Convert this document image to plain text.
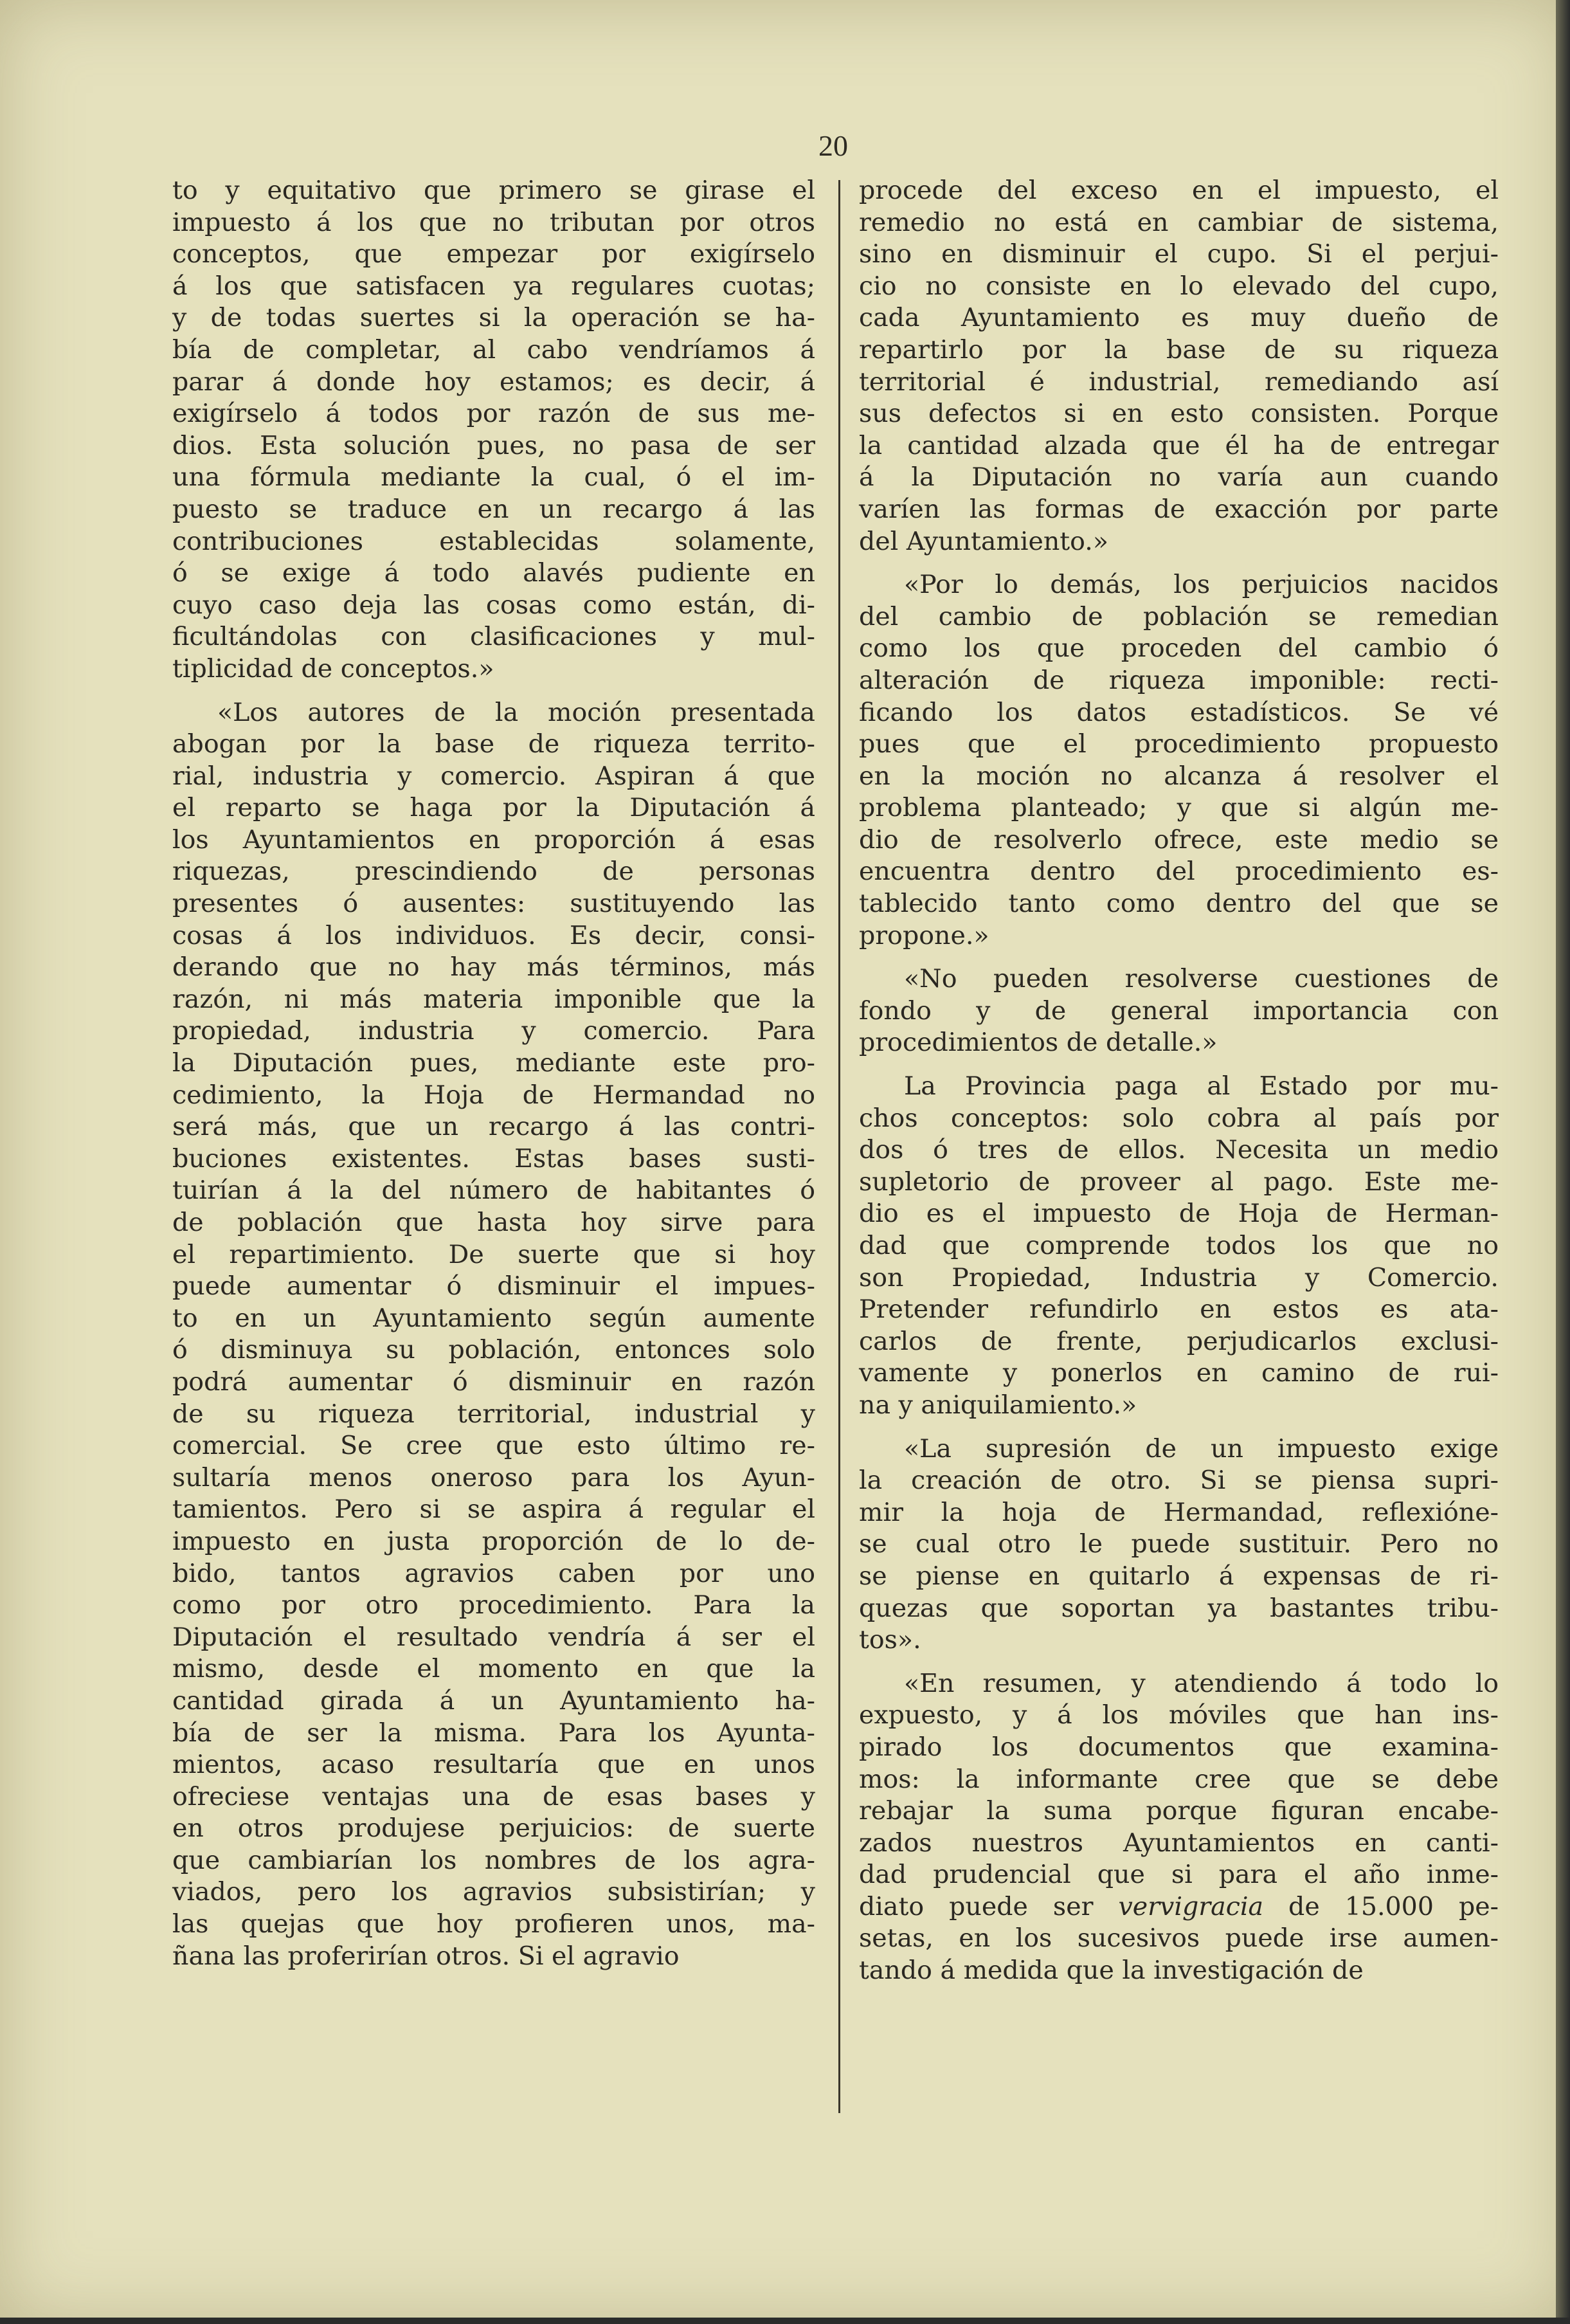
20
to y equitativo que primero se girase el
impuesto á los que no tributan por otros
conceptos, que empezar por exigírselo
á los que satisfacen ya regulares cuotas;
y de todas suertes si la operación se ha-
bía de completar, al cabo vendríamos á
parar á donde hoy estamos; es decir, á
exigírselo á todos por razón de sus me-
dios. Esta solución pues, no pasa de ser
una fórmula mediante la cual, ó el im-
puesto se traduce en un recargo á las
contribuciones establecidas solamente,
ó se exige á todo alavés pudiente en
cuyo caso deja las cosas como están, di-
ficultándolas con clasificaciones y mul-
tiplicidad de conceptos.»
«Los autores de la moción presentada
abogan por la base de riqueza territo-
rial, industria y comercio. Aspiran á que
el reparto se haga por la Diputación á
los Ayuntamientos en proporción á esas
riquezas, prescindiendo de personas
presentes ó ausentes: sustituyendo las
cosas á los individuos. Es decir, consi-
derando que no hay más términos, más
razón, ni más materia imponible que la
propiedad, industria y comercio. Para
la Diputación pues, mediante este pro-
cedimiento, la Hoja de Hermandad no
será más, que un recargo á las contri-
buciones existentes. Estas bases susti-
tuirían á la del número de habitantes ó
de población que hasta hoy sirve para
el repartimiento. De suerte que si hoy
puede aumentar ó disminuir el impues-
to en un Ayuntamiento según aumente
ó disminuya su población, entonces solo
podrá aumentar ó disminuir en razón
de su riqueza territorial, industrial y
comercial. Se cree que esto último re-
sultaría menos oneroso para los Ayun-
tamientos. Pero si se aspira á regular el
impuesto en justa proporción de lo de-
bido, tantos agravios caben por uno
como por otro procedimiento. Para la
Diputación el resultado vendría á ser el
mismo, desde el momento en que la
cantidad girada á un Ayuntamiento ha-
bía de ser la misma. Para los Ayunta-
mientos, acaso resultaría que en unos
ofreciese ventajas una de esas bases y
en otros produjese perjuicios: de suerte
que cambiarían los nombres de los agra-
viados, pero los agravios subsistirían; y
las quejas que hoy profieren unos, ma-
ñana las proferirían otros. Si el agravio
procede del exceso en el impuesto, el
remedio no está en cambiar de sistema,
sino en disminuir el cupo. Si el perjui-
cio no consiste en lo elevado del cupo,
cada Ayuntamiento es muy dueño de
repartirlo por la base de su riqueza
territorial é industrial, remediando así
sus defectos si en esto consisten. Porque
la cantidad alzada que él ha de entregar
á la Diputación no varía aun cuando
varíen las formas de exacción por parte
del Ayuntamiento.»
«Por lo demás, los perjuicios nacidos
del cambio de población se remedian
como los que proceden del cambio ó
alteración de riqueza imponible: recti-
ficando los datos estadísticos. Se vé
pues que el procedimiento propuesto
en la moción no alcanza á resolver el
problema planteado; y que si algún me-
dio de resolverlo ofrece, este medio se
encuentra dentro del procedimiento es-
tablecido tanto como dentro del que se
propone.»
«No pueden resolverse cuestiones de
fondo y de general importancia con
procedimientos de detalle.»
La Provincia paga al Estado por mu-
chos conceptos: solo cobra al país por
dos ó tres de ellos. Necesita un medio
supletorio de proveer al pago. Este me-
dio es el impuesto de Hoja de Herman-
dad que comprende todos los que no
son Propiedad, Industria y Comercio.
Pretender refundirlo en estos es ata-
carlos de frente, perjudicarlos exclusi-
vamente y ponerlos en camino de rui-
na y aniquilamiento.»
«La supresión de un impuesto exige
la creación de otro. Si se piensa supri-
mir la hoja de Hermandad, reflexióne-
se cual otro le puede sustituir. Pero no
se piense en quitarlo á expensas de ri-
quezas que soportan ya bastantes tribu-
tos».
«En resumen, y atendiendo á todo lo
expuesto, y á los móviles que han ins-
pirado los documentos que examina-
mos: la informante cree que se debe
rebajar la suma porque figuran encabe-
zados nuestros Ayuntamientos en canti-
dad prudencial que si para el año inme-
diato puede ser vervigracia de 15.000 pe-
setas, en los sucesivos puede irse aumen-
tando á medida que la investigación de
